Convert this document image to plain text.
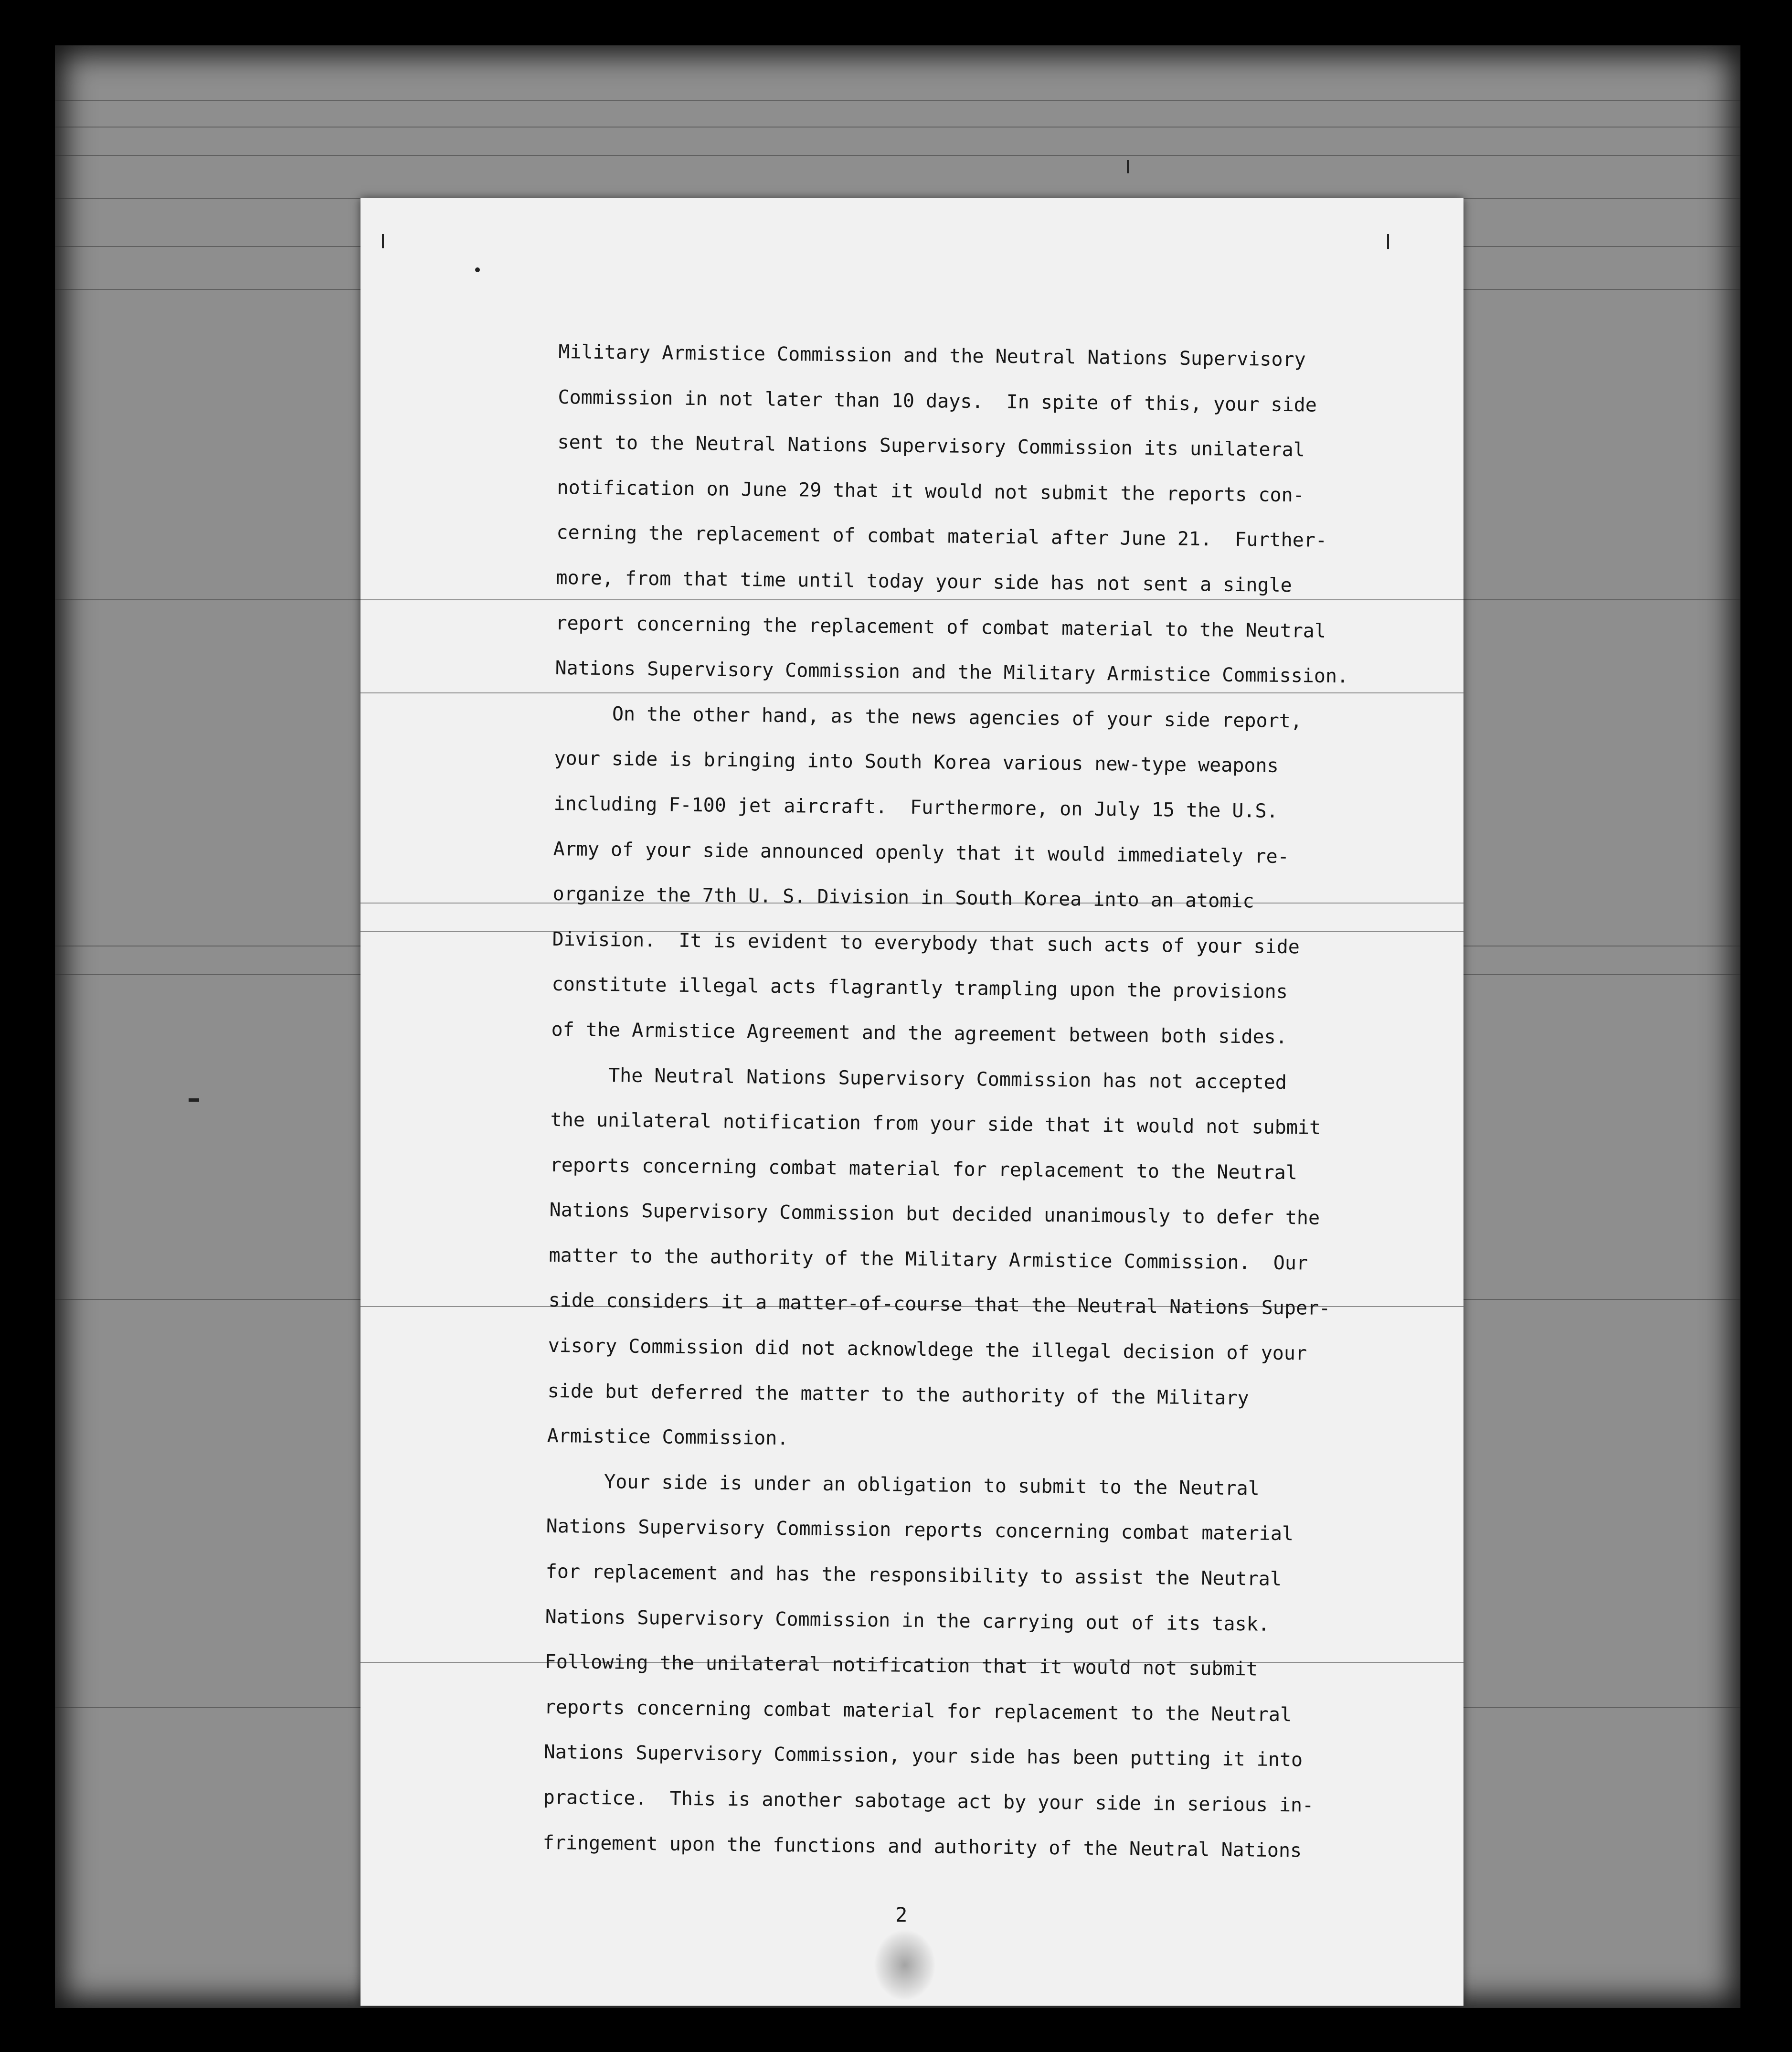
Military Armistice Commission and the Neutral Nations Supervisory
Commission in not later than 10 days.  In spite of this, your side
sent to the Neutral Nations Supervisory Commission its unilateral
notification on June 29 that it would not submit the reports con-
cerning the replacement of combat material after June 21.  Further-
more, from that time until today your side has not sent a single
report concerning the replacement of combat material to the Neutral
Nations Supervisory Commission and the Military Armistice Commission.
On the other hand, as the news agencies of your side report,
your side is bringing into South Korea various new-type weapons
including F-100 jet aircraft.  Furthermore, on July 15 the U.S.
Army of your side announced openly that it would immediately re-
organize the 7th U. S. Division in South Korea into an atomic
Division.  It is evident to everybody that such acts of your side
constitute illegal acts flagrantly trampling upon the provisions
of the Armistice Agreement and the agreement between both sides.
The Neutral Nations Supervisory Commission has not accepted
the unilateral notification from your side that it would not submit
reports concerning combat material for replacement to the Neutral
Nations Supervisory Commission but decided unanimously to defer the
matter to the authority of the Military Armistice Commission.  Our
side considers it a matter-of-course that the Neutral Nations Super-
visory Commission did not acknowldege the illegal decision of your
side but deferred the matter to the authority of the Military
Armistice Commission.
Your side is under an obligation to submit to the Neutral
Nations Supervisory Commission reports concerning combat material
for replacement and has the responsibility to assist the Neutral
Nations Supervisory Commission in the carrying out of its task.
Following the unilateral notification that it would not submit
reports concerning combat material for replacement to the Neutral
Nations Supervisory Commission, your side has been putting it into
practice.  This is another sabotage act by your side in serious in-
fringement upon the functions and authority of the Neutral Nations
2
